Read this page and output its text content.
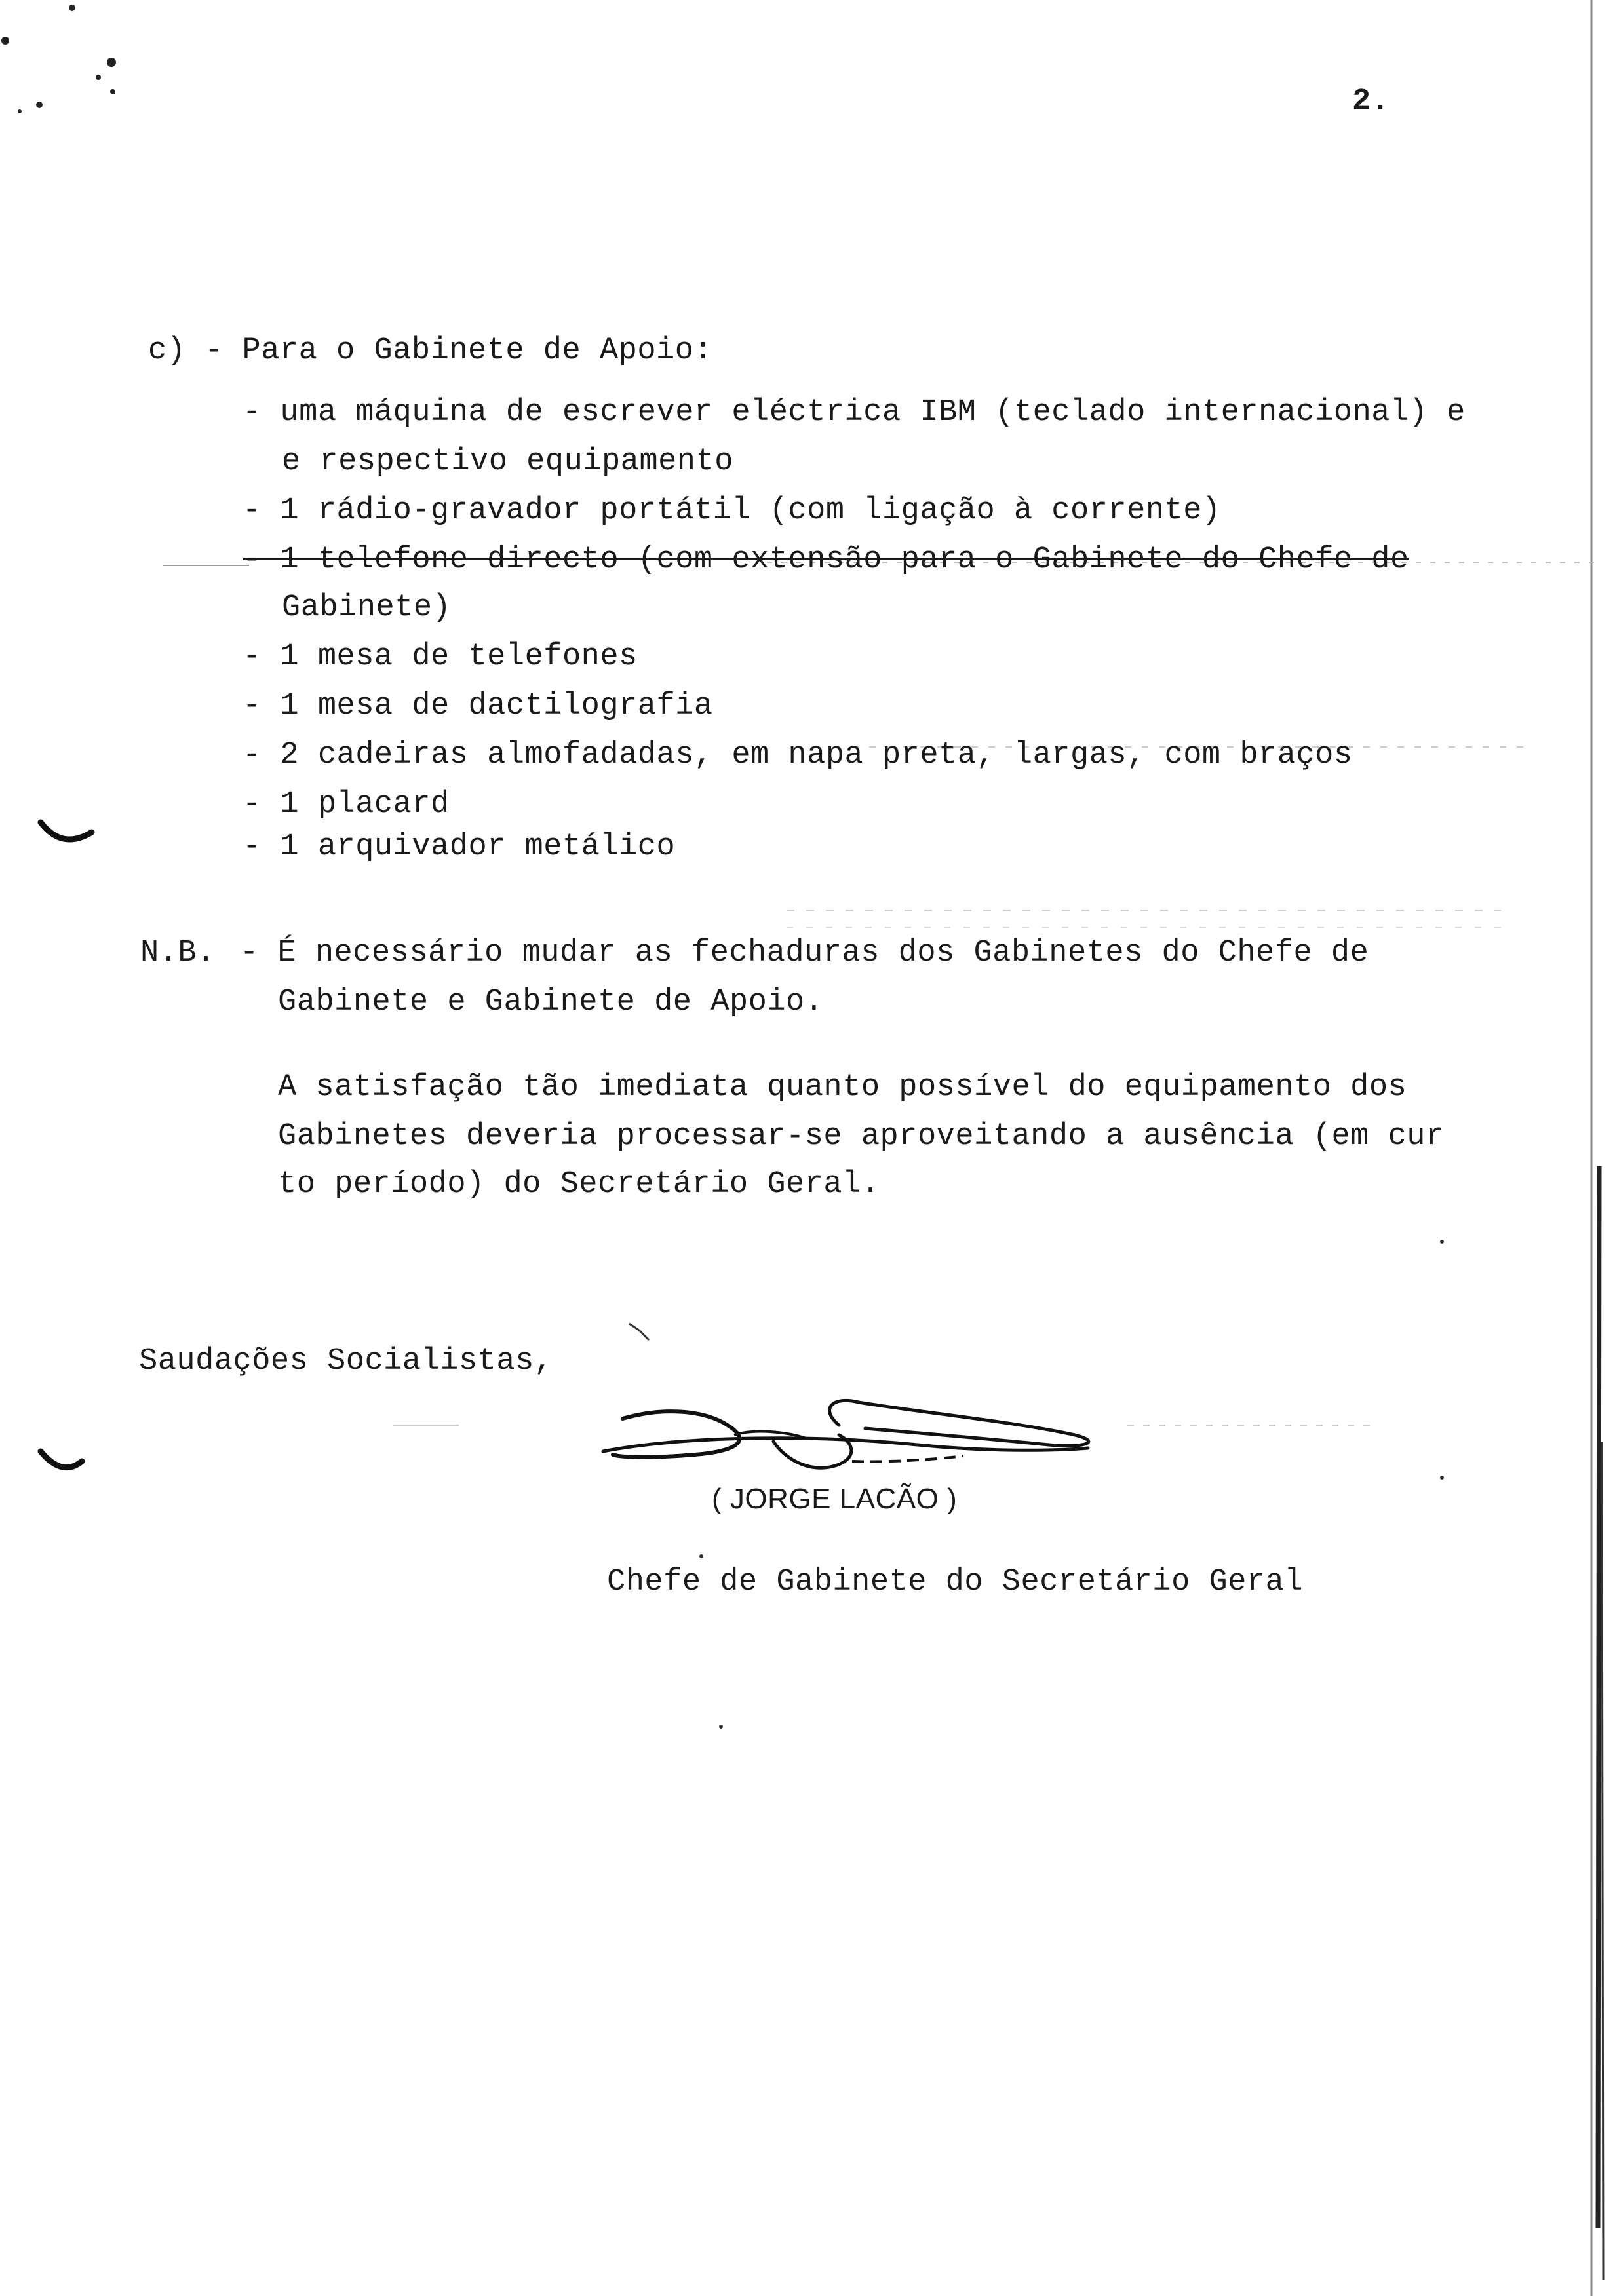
2.
c) - Para o Gabinete de Apoio:
- uma máquina de escrever eléctrica IBM (teclado internacional) e
e respectivo equipamento
- 1 rádio-gravador portátil (com ligação à corrente)
- 1 telefone directo (com extensão para o Gabinete do Chefe de
Gabinete)
- 1 mesa de telefones
- 1 mesa de dactilografia
- 2 cadeiras almofadadas, em napa preta, largas, com braços
- 1 placard
- 1 arquivador metálico
N.B. - É necessário mudar as fechaduras dos Gabinetes do Chefe de
Gabinete e Gabinete de Apoio.
A satisfação tão imediata quanto possível do equipamento dos
Gabinetes deveria processar-se aproveitando a ausência (em cur
to período) do Secretário Geral.
Saudações Socialistas,
( JORGE LACÃO )
Chefe de Gabinete do Secretário Geral
